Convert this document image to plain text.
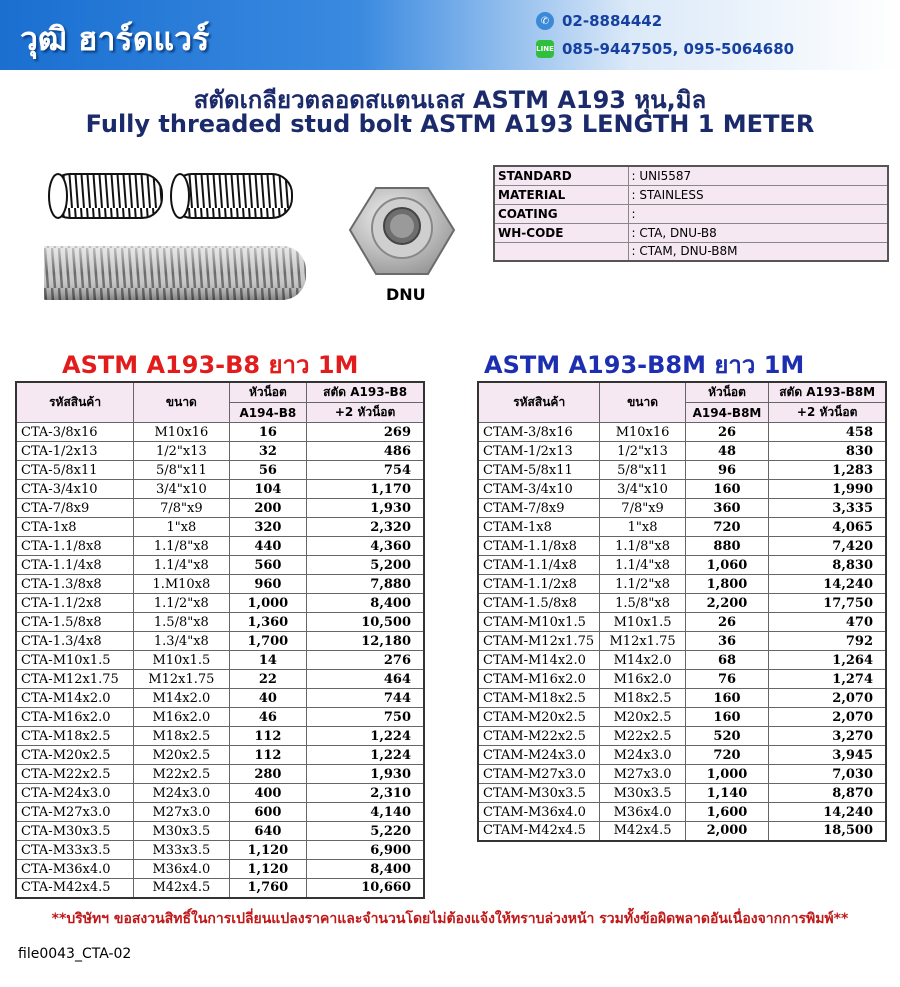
วุฒิ ฮาร์ดแวร์	✆ 02-8884442
LINE 085-9447505, 095-5064680
สตัดเกลียวตลอดสแตนเลส ASTM A193 หุน,มิล
Fully threaded stud bolt ASTM A193 LENGTH 1 METER
DNU
STANDARD	: UNI5587
MATERIAL	: STAINLESS
COATING	:
WH-CODE	: CTA, DNU-B8
	: CTAM, DNU-B8M
ASTM A193-B8 ยาว 1M	ASTM A193-B8M ยาว 1M
รหัสสินค้า	ขนาด	หัวน็อต	สตัด A193-B8
		A194-B8	+2 หัวน็อต
CTA-3/8x16	M10x16	16	269
CTA-1/2x13	1/2"x13	32	486
CTA-5/8x11	5/8"x11	56	754
CTA-3/4x10	3/4"x10	104	1,170
CTA-7/8x9	7/8"x9	200	1,930
CTA-1x8	1"x8	320	2,320
CTA-1.1/8x8	1.1/8"x8	440	4,360
CTA-1.1/4x8	1.1/4"x8	560	5,200
CTA-1.3/8x8	1.M10x8	960	7,880
CTA-1.1/2x8	1.1/2"x8	1,000	8,400
CTA-1.5/8x8	1.5/8"x8	1,360	10,500
CTA-1.3/4x8	1.3/4"x8	1,700	12,180
CTA-M10x1.5	M10x1.5	14	276
CTA-M12x1.75	M12x1.75	22	464
CTA-M14x2.0	M14x2.0	40	744
CTA-M16x2.0	M16x2.0	46	750
CTA-M18x2.5	M18x2.5	112	1,224
CTA-M20x2.5	M20x2.5	112	1,224
CTA-M22x2.5	M22x2.5	280	1,930
CTA-M24x3.0	M24x3.0	400	2,310
CTA-M27x3.0	M27x3.0	600	4,140
CTA-M30x3.5	M30x3.5	640	5,220
CTA-M33x3.5	M33x3.5	1,120	6,900
CTA-M36x4.0	M36x4.0	1,120	8,400
CTA-M42x4.5	M42x4.5	1,760	10,660
รหัสสินค้า	ขนาด	หัวน็อต	สตัด A193-B8M
		A194-B8M	+2 หัวน็อต
CTAM-3/8x16	M10x16	26	458
CTAM-1/2x13	1/2"x13	48	830
CTAM-5/8x11	5/8"x11	96	1,283
CTAM-3/4x10	3/4"x10	160	1,990
CTAM-7/8x9	7/8"x9	360	3,335
CTAM-1x8	1"x8	720	4,065
CTAM-1.1/8x8	1.1/8"x8	880	7,420
CTAM-1.1/4x8	1.1/4"x8	1,060	8,830
CTAM-1.1/2x8	1.1/2"x8	1,800	14,240
CTAM-1.5/8x8	1.5/8"x8	2,200	17,750
CTAM-M10x1.5	M10x1.5	26	470
CTAM-M12x1.75	M12x1.75	36	792
CTAM-M14x2.0	M14x2.0	68	1,264
CTAM-M16x2.0	M16x2.0	76	1,274
CTAM-M18x2.5	M18x2.5	160	2,070
CTAM-M20x2.5	M20x2.5	160	2,070
CTAM-M22x2.5	M22x2.5	520	3,270
CTAM-M24x3.0	M24x3.0	720	3,945
CTAM-M27x3.0	M27x3.0	1,000	7,030
CTAM-M30x3.5	M30x3.5	1,140	8,870
CTAM-M36x4.0	M36x4.0	1,600	14,240
CTAM-M42x4.5	M42x4.5	2,000	18,500
**บริษัทฯ ขอสงวนสิทธิ์ในการเปลี่ยนแปลงราคาและจำนวนโดยไม่ต้องแจ้งให้ทราบล่วงหน้า รวมทั้งข้อผิดพลาดอันเนื่องจากการพิมพ์**
file0043_CTA-02
